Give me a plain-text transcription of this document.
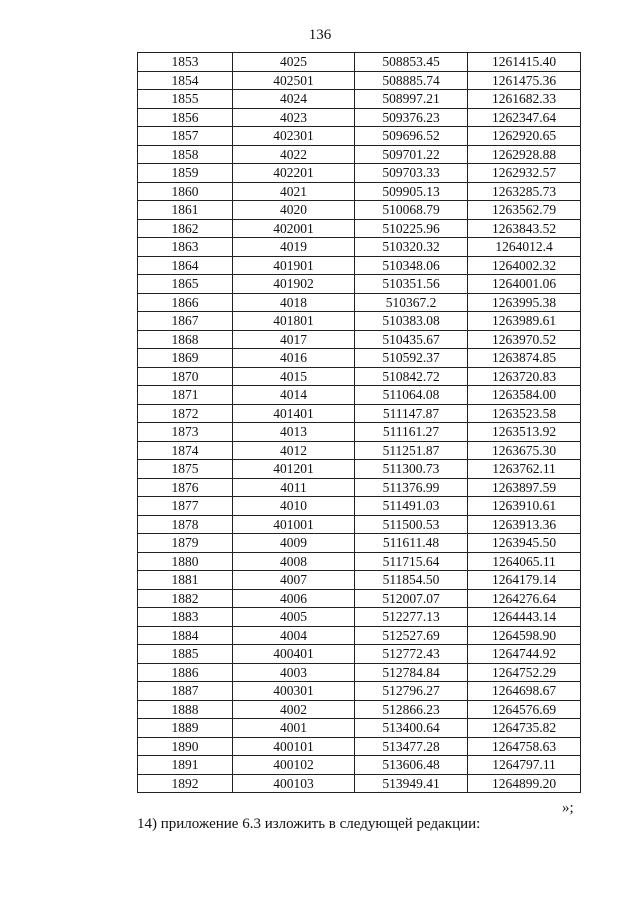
136
1853	4025	508853.45	1261415.40
1854	402501	508885.74	1261475.36
1855	4024	508997.21	1261682.33
1856	4023	509376.23	1262347.64
1857	402301	509696.52	1262920.65
1858	4022	509701.22	1262928.88
1859	402201	509703.33	1262932.57
1860	4021	509905.13	1263285.73
1861	4020	510068.79	1263562.79
1862	402001	510225.96	1263843.52
1863	4019	510320.32	1264012.4
1864	401901	510348.06	1264002.32
1865	401902	510351.56	1264001.06
1866	4018	510367.2	1263995.38
1867	401801	510383.08	1263989.61
1868	4017	510435.67	1263970.52
1869	4016	510592.37	1263874.85
1870	4015	510842.72	1263720.83
1871	4014	511064.08	1263584.00
1872	401401	511147.87	1263523.58
1873	4013	511161.27	1263513.92
1874	4012	511251.87	1263675.30
1875	401201	511300.73	1263762.11
1876	4011	511376.99	1263897.59
1877	4010	511491.03	1263910.61
1878	401001	511500.53	1263913.36
1879	4009	511611.48	1263945.50
1880	4008	511715.64	1264065.11
1881	4007	511854.50	1264179.14
1882	4006	512007.07	1264276.64
1883	4005	512277.13	1264443.14
1884	4004	512527.69	1264598.90
1885	400401	512772.43	1264744.92
1886	4003	512784.84	1264752.29
1887	400301	512796.27	1264698.67
1888	4002	512866.23	1264576.69
1889	4001	513400.64	1264735.82
1890	400101	513477.28	1264758.63
1891	400102	513606.48	1264797.11
1892	400103	513949.41	1264899.20
»;
14) приложение 6.3 изложить в следующей редакции:
